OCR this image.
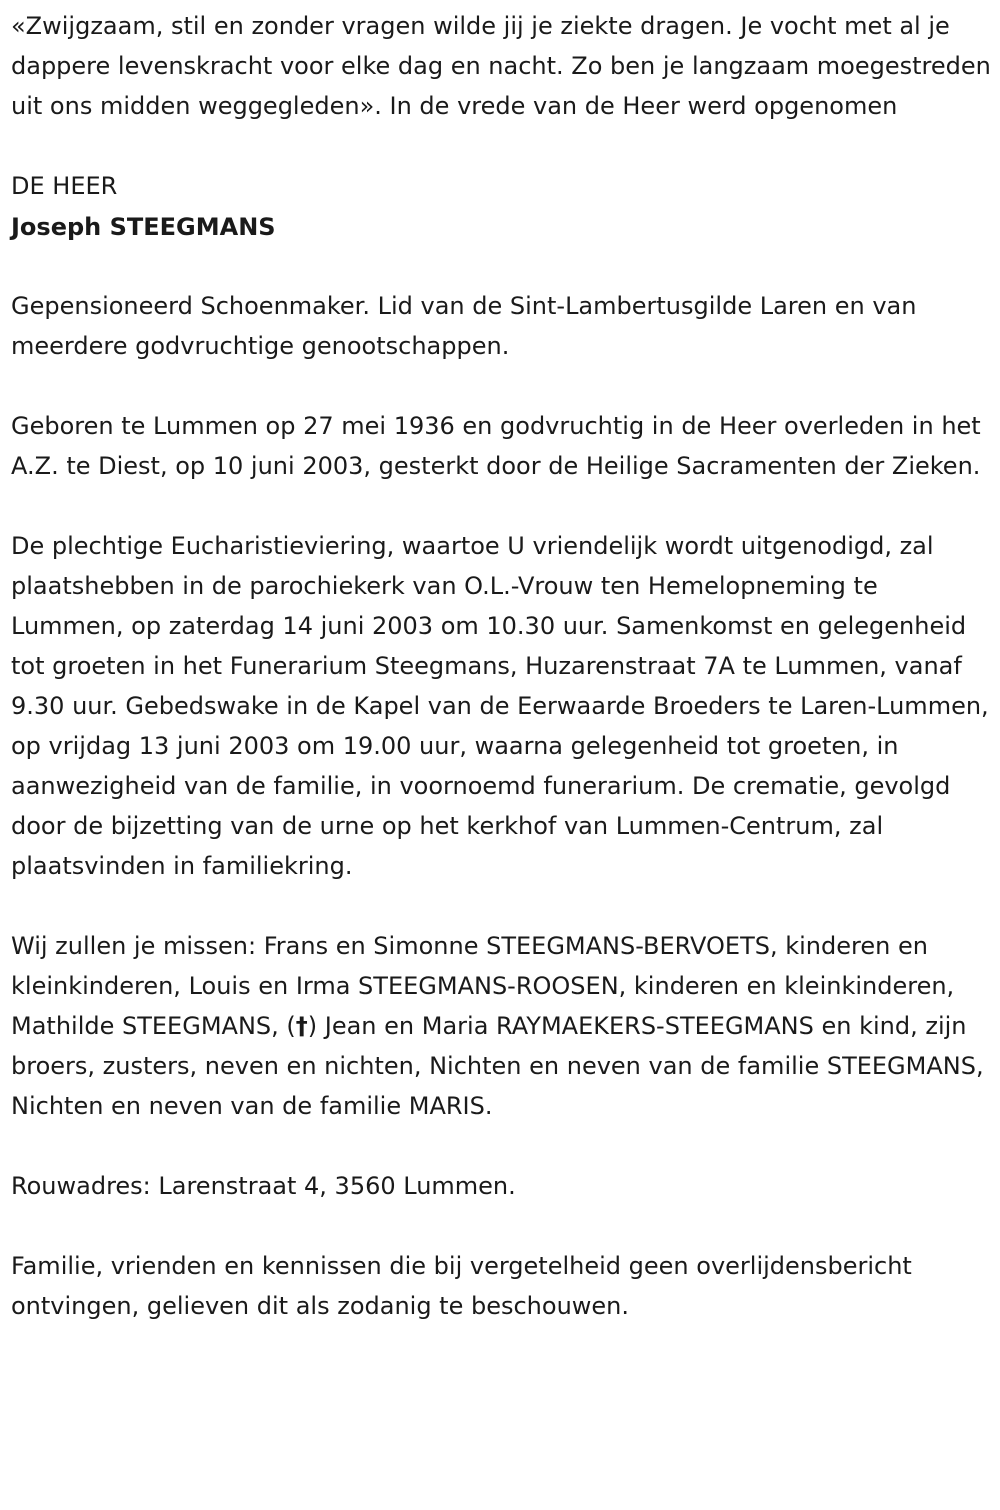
«Zwijgzaam, stil en zonder vragen wilde jij je ziekte dragen. Je vocht met al je dappere levenskracht voor elke dag en nacht. Zo ben je langzaam moegestreden uit ons midden weggegleden». In de vrede van de Heer werd opgenomen

DE HEER

Joseph STEEGMANS

Gepensioneerd Schoenmaker. Lid van de Sint-Lambertusgilde Laren en van meerdere godvruchtige genootschappen.

Geboren te Lummen op 27 mei 1936 en godvruchtig in de Heer overleden in het A.Z. te Diest, op 10 juni 2003, gesterkt door de Heilige Sacramenten der Zieken.

De plechtige Eucharistieviering, waartoe U vriendelijk wordt uitgenodigd, zal plaatshebben in de parochiekerk van O.L.-Vrouw ten Hemelopneming te Lummen, op zaterdag 14 juni 2003 om 10.30 uur. Samenkomst en gelegenheid tot groeten in het Funerarium Steegmans, Huzarenstraat 7A te Lummen, vanaf 9.30 uur. Gebedswake in de Kapel van de Eerwaarde Broeders te Laren-Lummen, op vrijdag 13 juni 2003 om 19.00 uur, waarna gelegenheid tot groeten, in aanwezigheid van de familie, in voornoemd funerarium. De crematie, gevolgd door de bijzetting van de urne op het kerkhof van Lummen-Centrum, zal plaatsvinden in familiekring.

Wij zullen je missen: Frans en Simonne STEEGMANS-BERVOETS, kinderen en kleinkinderen, Louis en Irma STEEGMANS-ROOSEN, kinderen en kleinkinderen, Mathilde STEEGMANS, (†) Jean en Maria RAYMAEKERS-STEEGMANS en kind, zijn broers, zusters, neven en nichten, Nichten en neven van de familie STEEGMANS, Nichten en neven van de familie MARIS.

Rouwadres: Larenstraat 4, 3560 Lummen.

Familie, vrienden en kennissen die bij vergetelheid geen overlijdensbericht ontvingen, gelieven dit als zodanig te beschouwen.
